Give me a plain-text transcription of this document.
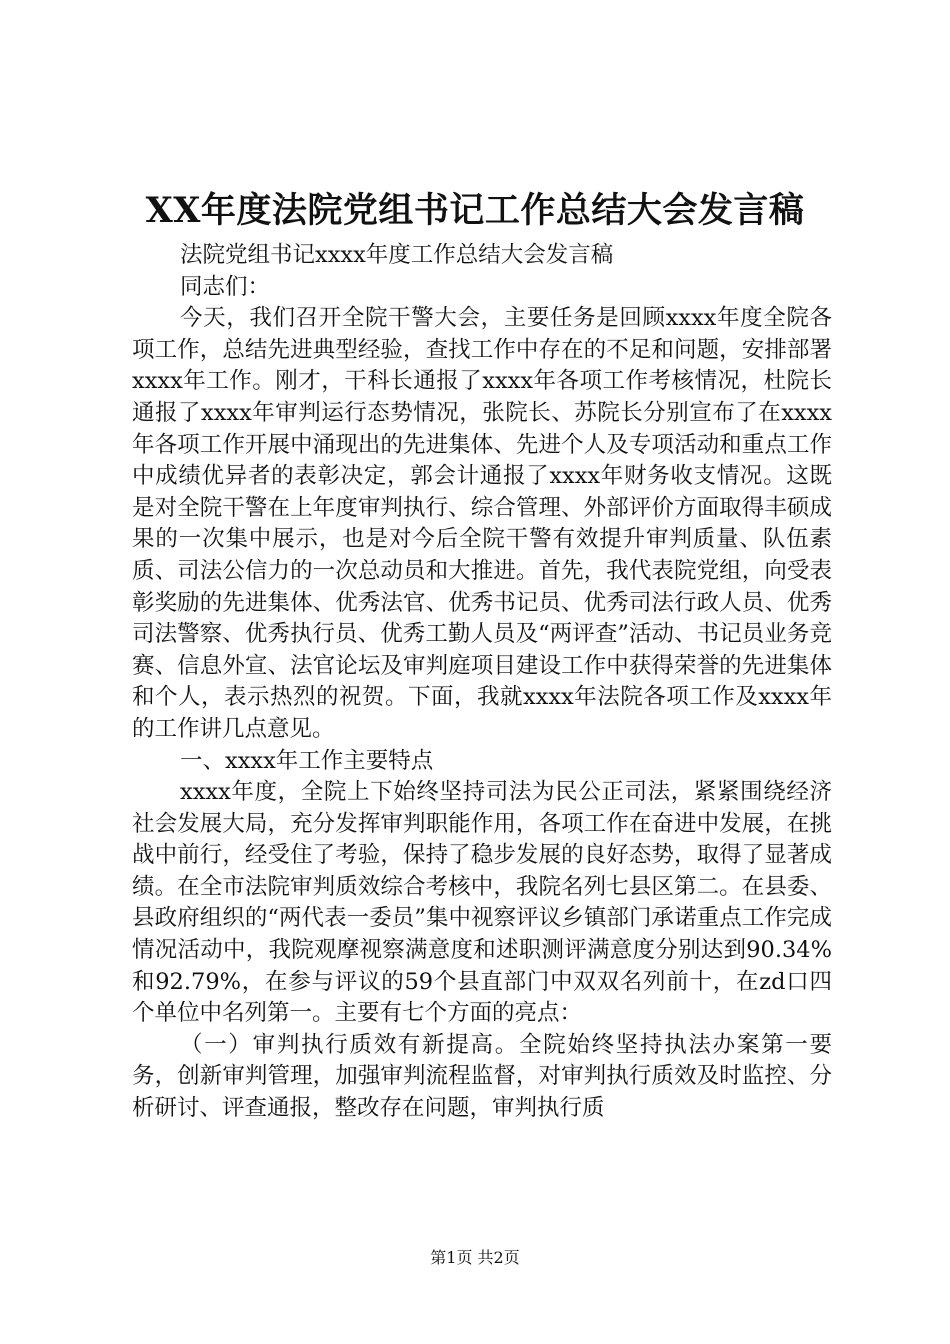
XX年度法院党组书记工作总结大会发言稿

法院党组书记xxxx年度工作总结大会发言稿

同志们：

今天，我们召开全院干警大会，主要任务是回顾xxxx年度全院各项工作，总结先进典型经验，查找工作中存在的不足和问题，安排部署xxxx年工作。刚才，干科长通报了xxxx年各项工作考核情况，杜院长通报了xxxx年审判运行态势情况，张院长、苏院长分别宣布了在xxxx年各项工作开展中涌现出的先进集体、先进个人及专项活动和重点工作中成绩优异者的表彰决定，郭会计通报了xxxx年财务收支情况。这既是对全院干警在上年度审判执行、综合管理、外部评价方面取得丰硕成果的一次集中展示，也是对今后全院干警有效提升审判质量、队伍素质、司法公信力的一次总动员和大推进。首先，我代表院党组，向受表彰奖励的先进集体、优秀法官、优秀书记员、优秀司法行政人员、优秀司法警察、优秀执行员、优秀工勤人员及“两评查”活动、书记员业务竞赛、信息外宣、法官论坛及审判庭项目建设工作中获得荣誉的先进集体和个人，表示热烈的祝贺。下面，我就xxxx年法院各项工作及xxxx年的工作讲几点意见。

一、xxxx年工作主要特点

xxxx年度，全院上下始终坚持司法为民公正司法，紧紧围绕经济社会发展大局，充分发挥审判职能作用，各项工作在奋进中发展，在挑战中前行，经受住了考验，保持了稳步发展的良好态势，取得了显著成绩。在全市法院审判质效综合考核中，我院名列七县区第二。在县委、县政府组织的“两代表一委员”集中视察评议乡镇部门承诺重点工作完成情况活动中，我院观摩视察满意度和述职测评满意度分别达到90.34%和92.79%，在参与评议的59个县直部门中双双名列前十，在zd口四个单位中名列第一。主要有七个方面的亮点：

（一）审判执行质效有新提高。全院始终坚持执法办案第一要务，创新审判管理，加强审判流程监督，对审判执行质效及时监控、分析研讨、评查通报，整改存在问题，审判执行质

第1页 共2页
